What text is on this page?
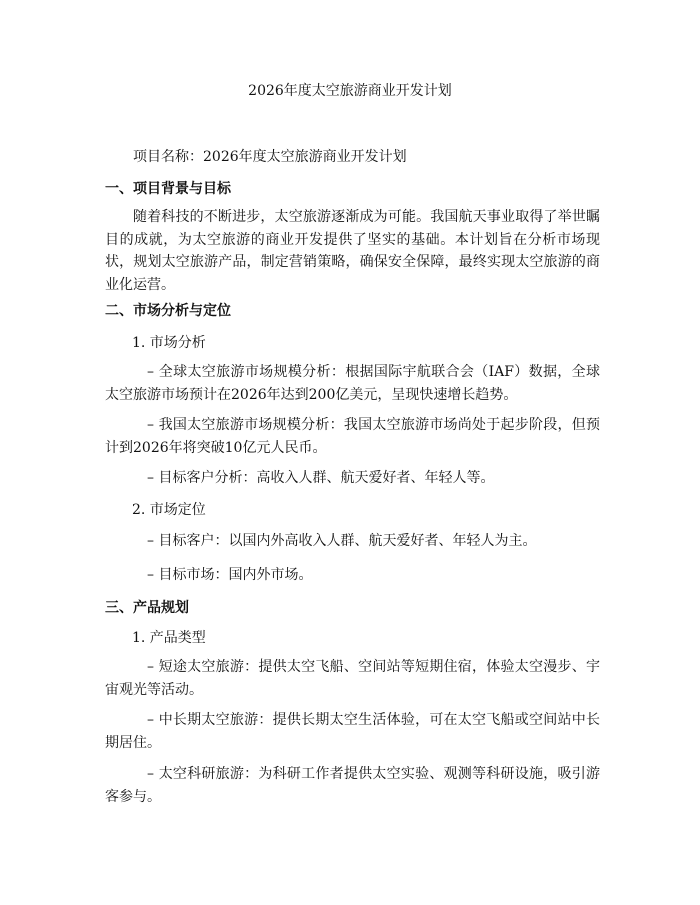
2026年度太空旅游商业开发计划
项目名称：2026年度太空旅游商业开发计划
一、项目背景与目标
随着科技的不断进步，太空旅游逐渐成为可能。我国航天事业取得了举世瞩目的成就，为太空旅游的商业开发提供了坚实的基础。本计划旨在分析市场现状，规划太空旅游产品，制定营销策略，确保安全保障，最终实现太空旅游的商业化运营。
二、市场分析与定位
1. 市场分析
– 全球太空旅游市场规模分析：根据国际宇航联合会（IAF）数据，全球太空旅游市场预计在2026年达到200亿美元，呈现快速增长趋势。
– 我国太空旅游市场规模分析：我国太空旅游市场尚处于起步阶段，但预计到2026年将突破10亿元人民币。
– 目标客户分析：高收入人群、航天爱好者、年轻人等。
2. 市场定位
– 目标客户：以国内外高收入人群、航天爱好者、年轻人为主。
– 目标市场：国内外市场。
三、产品规划
1. 产品类型
– 短途太空旅游：提供太空飞船、空间站等短期住宿，体验太空漫步、宇宙观光等活动。
– 中长期太空旅游：提供长期太空生活体验，可在太空飞船或空间站中长期居住。
– 太空科研旅游：为科研工作者提供太空实验、观测等科研设施，吸引游客参与。
